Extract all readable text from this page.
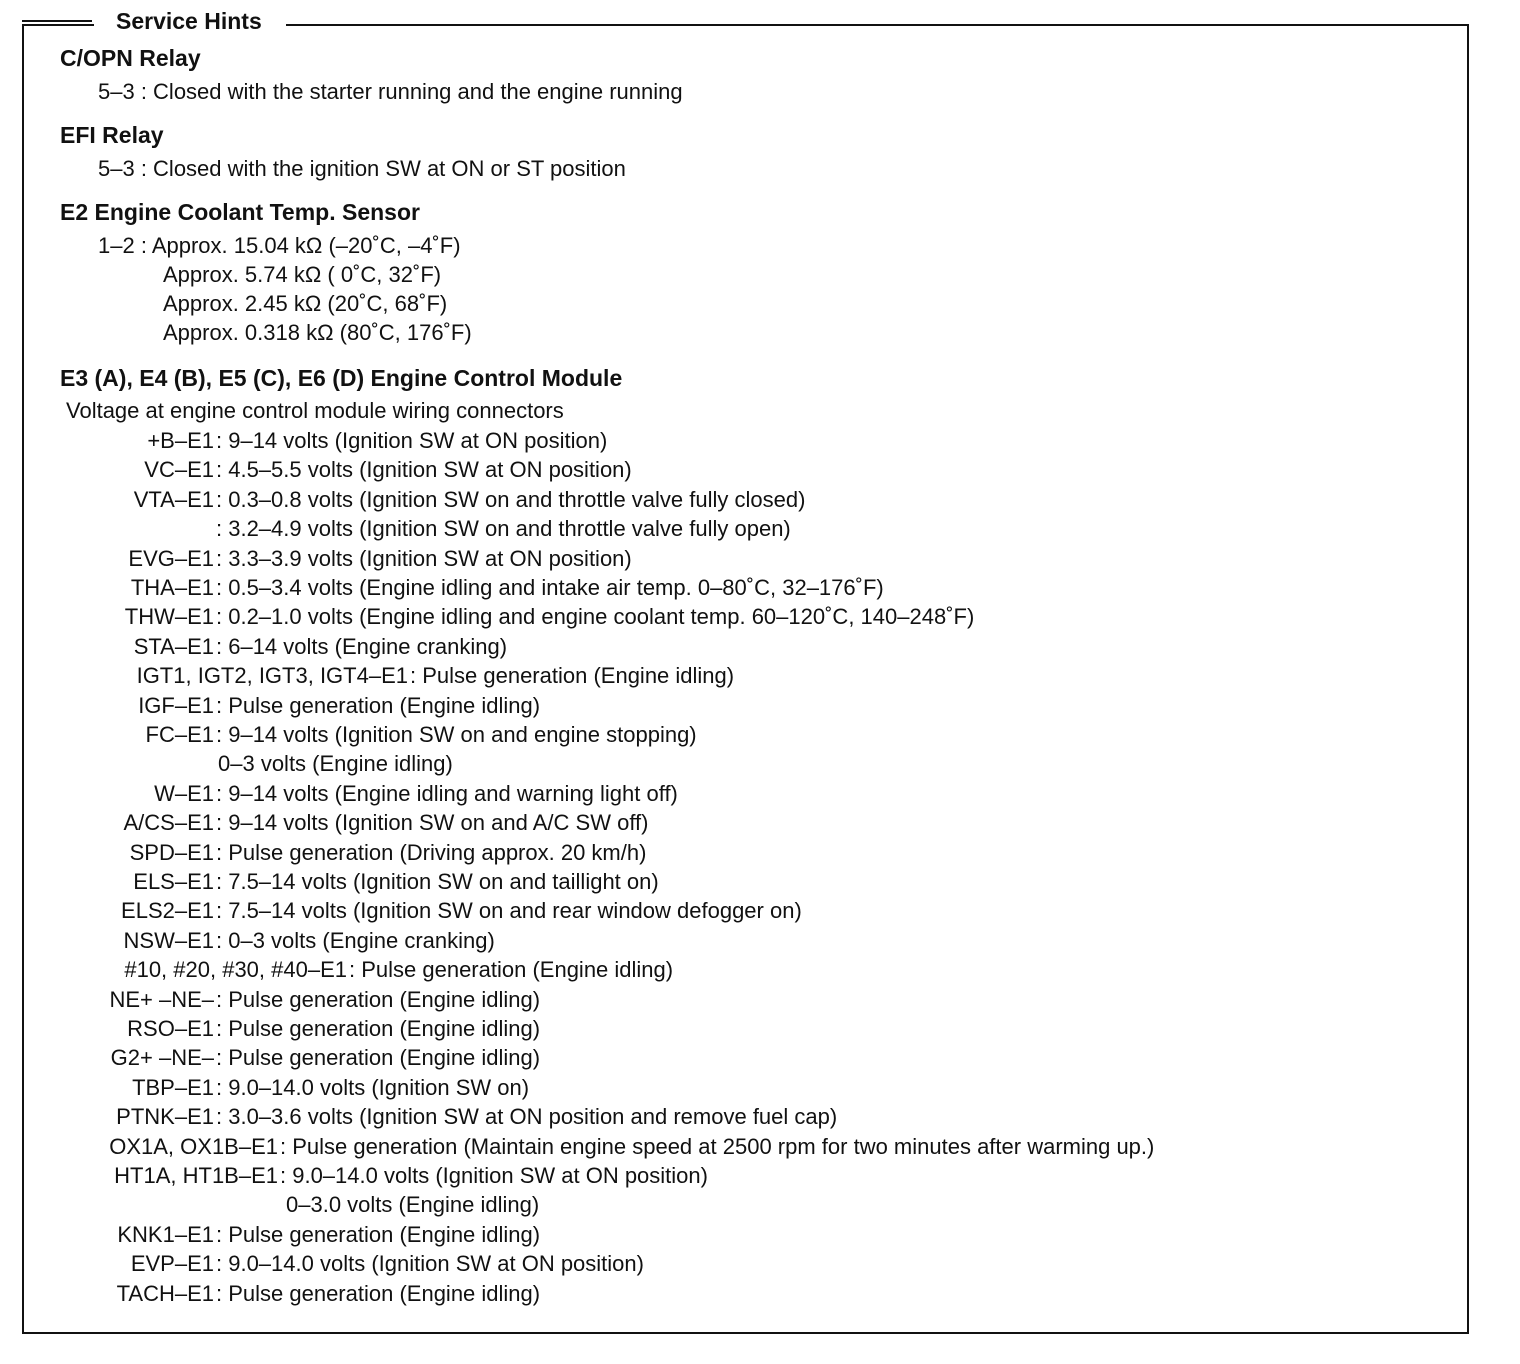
Service Hints
C/OPN Relay
5–3 : Closed with the starter running and the engine running
EFI Relay
5–3 : Closed with the ignition SW at ON or ST position
E2 Engine Coolant Temp. Sensor
1–2 : Approx. 15.04 kΩ (–20˚C, –4˚F)
Approx. 5.74 kΩ ( 0˚C, 32˚F)
Approx. 2.45 kΩ (20˚C, 68˚F)
Approx. 0.318 kΩ (80˚C, 176˚F)
E3 (A), E4 (B), E5 (C), E6 (D) Engine Control Module
Voltage at engine control module wiring connectors
+B–E1 : 9–14 volts (Ignition SW at ON position)
VC–E1 : 4.5–5.5 volts (Ignition SW at ON position)
VTA–E1 : 0.3–0.8 volts (Ignition SW on and throttle valve fully closed)
: 3.2–4.9 volts (Ignition SW on and throttle valve fully open)
EVG–E1 : 3.3–3.9 volts (Ignition SW at ON position)
THA–E1 : 0.5–3.4 volts (Engine idling and intake air temp. 0–80˚C, 32–176˚F)
THW–E1 : 0.2–1.0 volts (Engine idling and engine coolant temp. 60–120˚C, 140–248˚F)
STA–E1 : 6–14 volts (Engine cranking)
IGT1, IGT2, IGT3, IGT4–E1 : Pulse generation (Engine idling)
IGF–E1 : Pulse generation (Engine idling)
FC–E1 : 9–14 volts (Ignition SW on and engine stopping)
0–3 volts (Engine idling)
W–E1 : 9–14 volts (Engine idling and warning light off)
A/CS–E1 : 9–14 volts (Ignition SW on and A/C SW off)
SPD–E1 : Pulse generation (Driving approx. 20 km/h)
ELS–E1 : 7.5–14 volts (Ignition SW on and taillight on)
ELS2–E1 : 7.5–14 volts (Ignition SW on and rear window defogger on)
NSW–E1 : 0–3 volts (Engine cranking)
#10, #20, #30, #40–E1 : Pulse generation (Engine idling)
NE+ –NE– : Pulse generation (Engine idling)
RSO–E1 : Pulse generation (Engine idling)
G2+ –NE– : Pulse generation (Engine idling)
TBP–E1 : 9.0–14.0 volts (Ignition SW on)
PTNK–E1 : 3.0–3.6 volts (Ignition SW at ON position and remove fuel cap)
OX1A, OX1B–E1 : Pulse generation (Maintain engine speed at 2500 rpm for two minutes after warming up.)
HT1A, HT1B–E1 : 9.0–14.0 volts (Ignition SW at ON position)
0–3.0 volts (Engine idling)
KNK1–E1 : Pulse generation (Engine idling)
EVP–E1 : 9.0–14.0 volts (Ignition SW at ON position)
TACH–E1 : Pulse generation (Engine idling)
